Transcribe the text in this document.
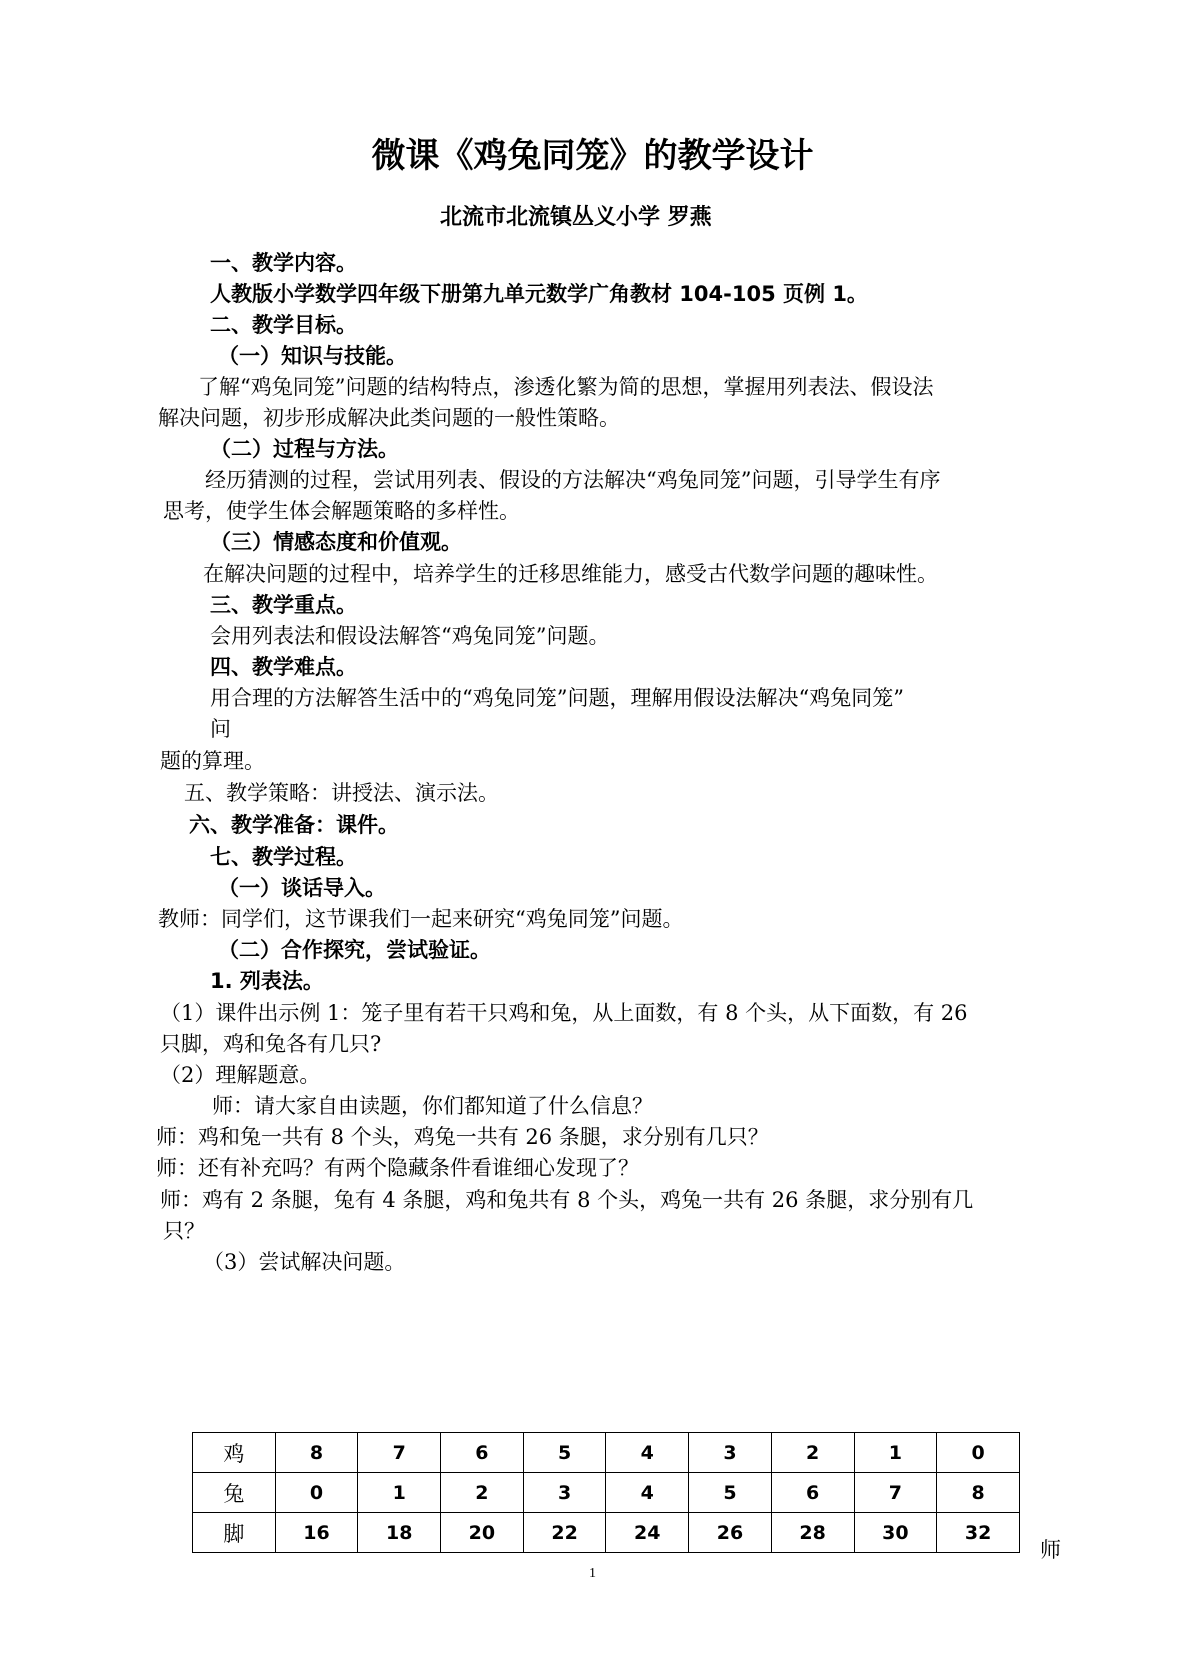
微课《鸡兔同笼》的教学设计
北流市北流镇丛义小学 罗燕
一、教学内容。
人教版小学数学四年级下册第九单元数学广角教材 104-105 页例 1。
二、教学目标。
（一）知识与技能。
了解“鸡兔同笼”问题的结构特点，渗透化繁为简的思想，掌握用列表法、假设法
解决问题，初步形成解决此类问题的一般性策略。
（二）过程与方法。
经历猜测的过程，尝试用列表、假设的方法解决“鸡兔同笼”问题，引导学生有序
思考，使学生体会解题策略的多样性。
（三）情感态度和价值观。
在解决问题的过程中，培养学生的迁移思维能力，感受古代数学问题的趣味性。
三、教学重点。
会用列表法和假设法解答“鸡兔同笼”问题。
四、教学难点。
用合理的方法解答生活中的“鸡兔同笼”问题，理解用假设法解决“鸡兔同笼”
问
题的算理。
五、教学策略：讲授法、演示法。
六、教学准备：课件。
七、教学过程。
（一）谈话导入。
教师：同学们，这节课我们一起来研究“鸡兔同笼”问题。
（二）合作探究，尝试验证。
1. 列表法。
（1）课件出示例 1：笼子里有若干只鸡和兔，从上面数，有 8 个头，从下面数，有 26
只脚，鸡和兔各有几只?
（2）理解题意。
师：请大家自由读题，你们都知道了什么信息？
师：鸡和兔一共有 8 个头，鸡兔一共有 26 条腿，求分别有几只？
师：还有补充吗？有两个隐藏条件看谁细心发现了？
师：鸡有 2 条腿，兔有 4 条腿，鸡和兔共有 8 个头，鸡兔一共有 26 条腿，求分别有几
只？
（3）尝试解决问题。
鸡	8	7	6	5	4	3	2	1	0
兔	0	1	2	3	4	5	6	7	8
脚	16	18	20	22	24	26	28	30	32
师
1
